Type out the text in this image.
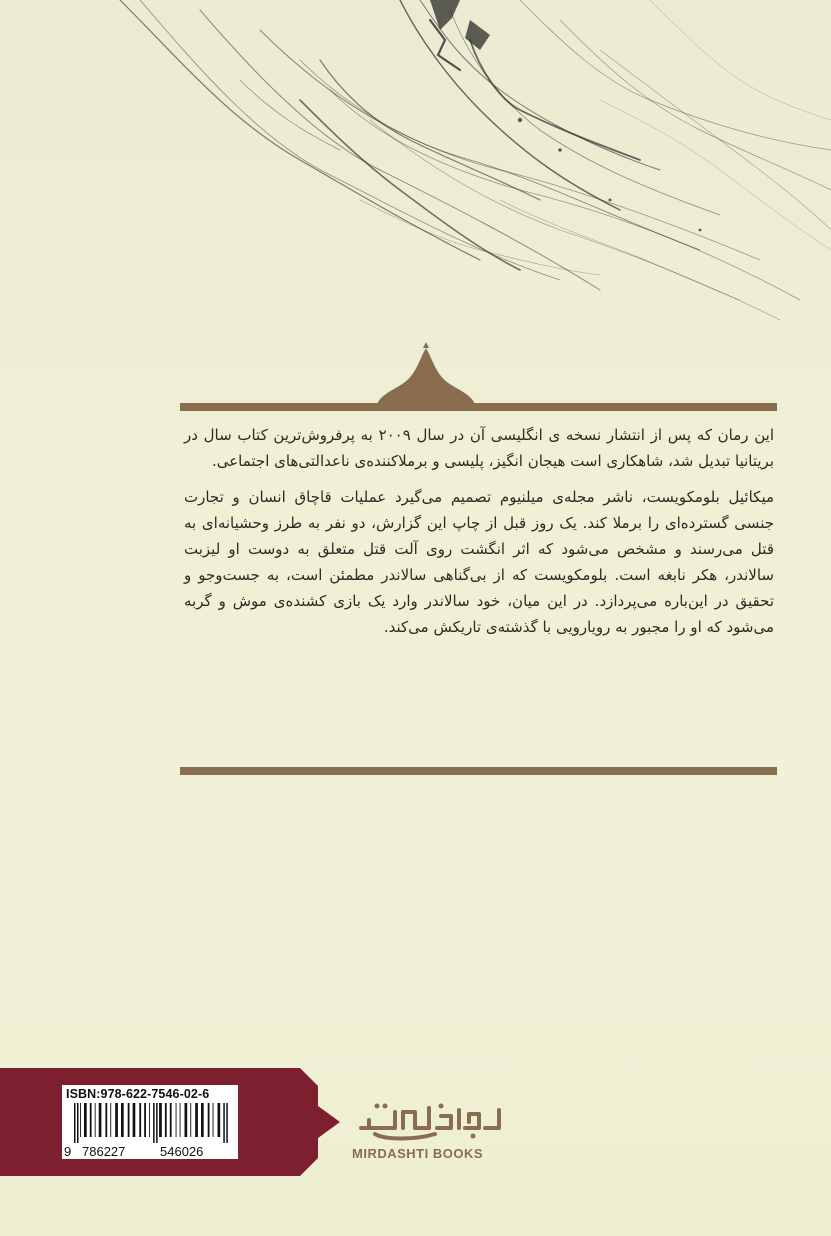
این رمان که پس از انتشار نسخه ی انگلیسی آن در سال ۲۰۰۹ به پرفروش‌ترین کتاب سال در بریتانیا تبدیل شد، شاهکاری است هیجان انگیز، پلیسی و برملاکننده‌ی ناعدالتی‌های اجتماعی.

میکائیل بلومکویست، ناشر مجله‌ی میلنیوم تصمیم می‌گیرد عملیات قاچاق انسان و تجارت جنسی گسترده‌ای را برملا کند. یک روز قبل از چاپ این گزارش، دو نفر به طرز وحشیانه‌ای به قتل می‌رسند و مشخص می‌شود که اثر انگشت روی آلت قتل متعلق به دوست او لیزبت سالاندر، هکر نابغه است. بلومکویست که از بی‌گناهی سالاندر مطمئن است، به جست‌وجو و تحقیق در این‌باره می‌پردازد. در این میان، خود سالاندر وارد یک بازی کشنده‌ی موش و گربه می‌شود که او را مجبور به رویارویی با گذشته‌ی تاریکش می‌کند.

ISBN:978-622-7546-02-6
9 786227	546026	MIRDASHTI BOOKS
